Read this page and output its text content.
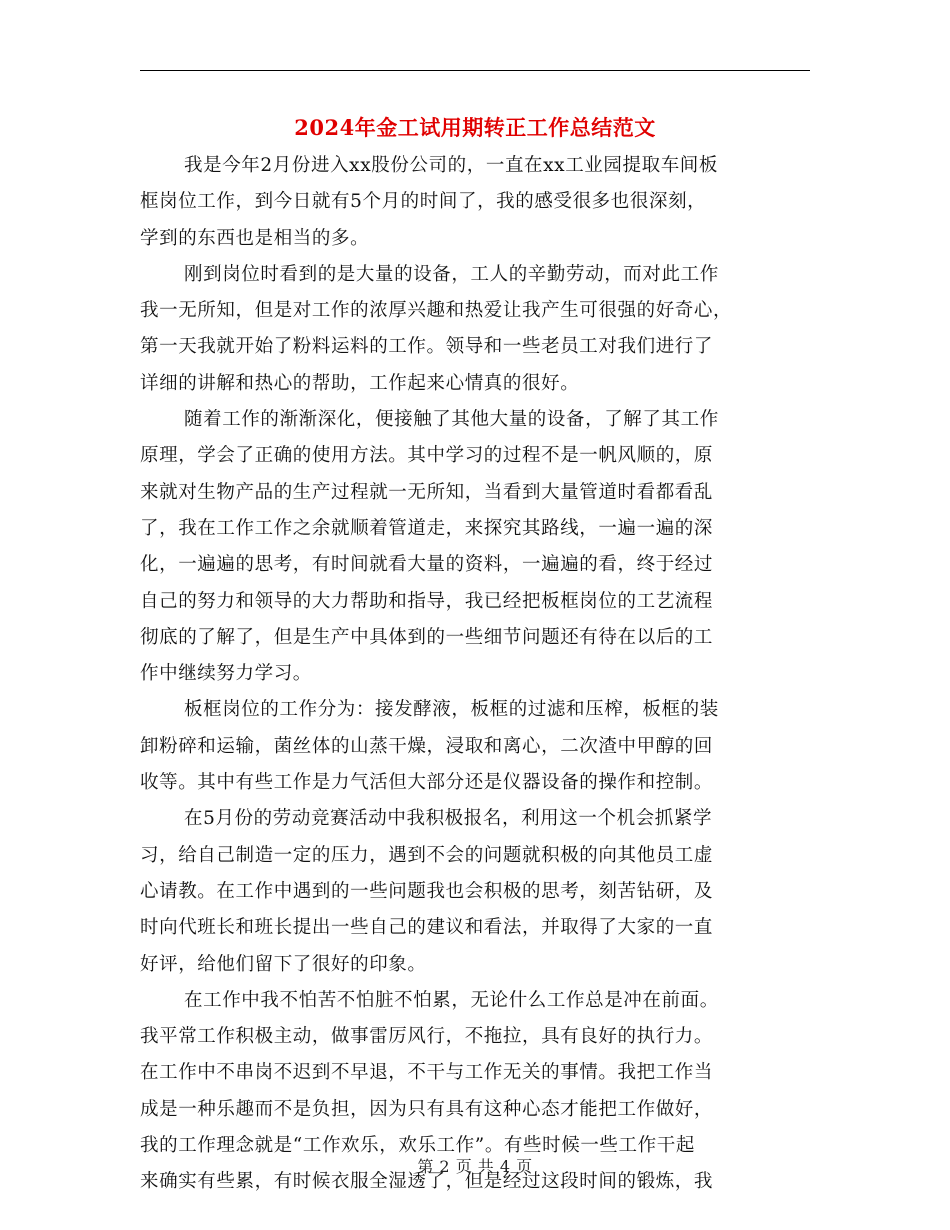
2024年金工试用期转正工作总结范文
我是今年2月份进入xx股份公司的，一直在xx工业园提取车间板
框岗位工作，到今日就有5个月的时间了，我的感受很多也很深刻，
学到的东西也是相当的多。
刚到岗位时看到的是大量的设备，工人的辛勤劳动，而对此工作
我一无所知，但是对工作的浓厚兴趣和热爱让我产生可很强的好奇心，
第一天我就开始了粉料运料的工作。领导和一些老员工对我们进行了
详细的讲解和热心的帮助，工作起来心情真的很好。
随着工作的渐渐深化，便接触了其他大量的设备，了解了其工作
原理，学会了正确的使用方法。其中学习的过程不是一帆风顺的，原
来就对生物产品的生产过程就一无所知，当看到大量管道时看都看乱
了，我在工作工作之余就顺着管道走，来探究其路线，一遍一遍的深
化，一遍遍的思考，有时间就看大量的资料，一遍遍的看，终于经过
自己的努力和领导的大力帮助和指导，我已经把板框岗位的工艺流程
彻底的了解了，但是生产中具体到的一些细节问题还有待在以后的工
作中继续努力学习。
板框岗位的工作分为：接发酵液，板框的过滤和压榨，板框的装
卸粉碎和运输，菌丝体的山蒸干燥，浸取和离心，二次渣中甲醇的回
收等。其中有些工作是力气活但大部分还是仪器设备的操作和控制。
在5月份的劳动竞赛活动中我积极报名，利用这一个机会抓紧学
习，给自己制造一定的压力，遇到不会的问题就积极的向其他员工虚
心请教。在工作中遇到的一些问题我也会积极的思考，刻苦钻研，及
时向代班长和班长提出一些自己的建议和看法，并取得了大家的一直
好评，给他们留下了很好的印象。
在工作中我不怕苦不怕脏不怕累，无论什么工作总是冲在前面。
我平常工作积极主动，做事雷厉风行，不拖拉，具有良好的执行力。
在工作中不串岗不迟到不早退，不干与工作无关的事情。我把工作当
成是一种乐趣而不是负担，因为只有具有这种心态才能把工作做好，
我的工作理念就是“工作欢乐，欢乐工作”。有些时候一些工作干起
来确实有些累，有时候衣服全湿透了，但是经过这段时间的锻炼，我
第 2 页 共 4 页
